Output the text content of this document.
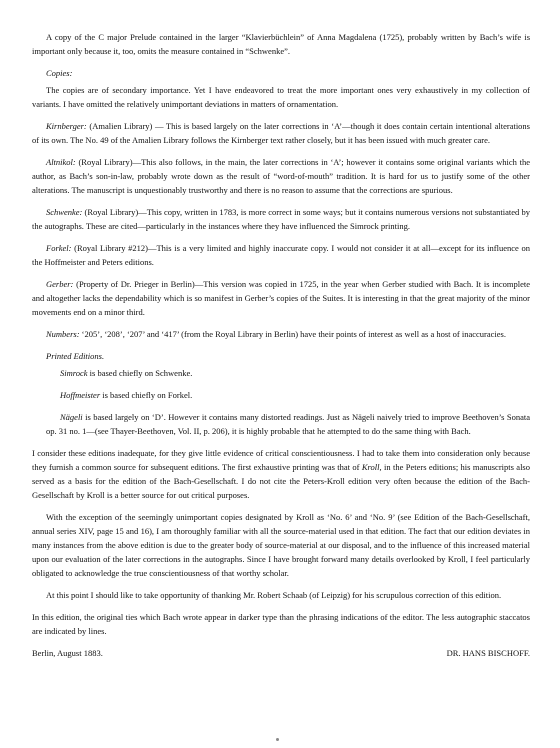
A copy of the C major Prelude contained in the larger “Klavierbüchlein” of Anna Magdalena (1725), probably written by Bach’s wife is important only because it, too, omits the measure contained in “Schwenke”.

Copies:

The copies are of secondary importance. Yet I have endeavored to treat the more important ones very exhaustively in my collection of variants. I have omitted the relatively unimportant deviations in matters of ornamentation.

Kirnberger: (Amalien Library) — This is based largely on the later corrections in ‘A’—though it does contain certain intentional alterations of its own. The No. 49 of the Amalien Library follows the Kirnberger text rather closely, but it has been issued with much greater care.

Altnikol: (Royal Library)—This also follows, in the main, the later corrections in ‘A’; however it contains some original variants which the author, as Bach’s son-in-law, probably wrote down as the result of “word-of-mouth” tradition. It is hard for us to justify some of the other alterations. The manuscript is unquestionably trustworthy and there is no reason to assume that the corrections are spurious.

Schwenke: (Royal Library)—This copy, written in 1783, is more correct in some ways; but it contains numerous versions not substantiated by the autographs. These are cited—particularly in the instances where they have influenced the Simrock printing.

Forkel: (Royal Library #212)—This is a very limited and highly inaccurate copy. I would not consider it at all—except for its influence on the Hoffmeister and Peters editions.

Gerber: (Property of Dr. Prieger in Berlin)—This version was copied in 1725, in the year when Gerber studied with Bach. It is incomplete and altogether lacks the dependability which is so manifest in Gerber’s copies of the Suites. It is interesting in that the great majority of the minor movements end on a minor third.

Numbers: ‘205’, ‘208’, ‘207’ and ‘417’ (from the Royal Library in Berlin) have their points of interest as well as a host of inaccuracies.

Printed Editions.

Simrock is based chiefly on Schwenke.

Hoffmeister is based chiefly on Forkel.

Nägeli is based largely on ‘D’. However it contains many distorted readings. Just as Nägeli naively tried to improve Beethoven’s Sonata op. 31 no. 1—(see Thayer-Beethoven, Vol. II, p. 206), it is highly probable that he attempted to do the same thing with Bach.

I consider these editions inadequate, for they give little evidence of critical conscientiousness. I had to take them into consideration only because they furnish a common source for subsequent editions. The first exhaustive printing was that of Kroll, in the Peters editions; his manuscripts also served as a basis for the edition of the Bach-Gesellschaft. I do not cite the Peters-Kroll edition very often because the edition of the Bach-Gesellschaft by Kroll is a better source for out critical purposes.

With the exception of the seemingly unimportant copies designated by Kroll as ‘No. 6’ and ‘No. 9’ (see Edition of the Bach-Gesellschaft, annual series XIV, page 15 and 16), I am thoroughly familiar with all the source-material used in that edition. The fact that our edition deviates in many instances from the above edition is due to the greater body of source-material at our disposal, and to the influence of this increased material upon our evaluation of the later corrections in the autographs. Since I have brought forward many details overlooked by Kroll, I feel particularly obligated to acknowledge the true conscientiousness of that worthy scholar.

At this point I should like to take opportunity of thanking Mr. Robert Schaab (of Leipzig) for his scrupulous correction of this edition.

In this edition, the original ties which Bach wrote appear in darker type than the phrasing indications of the editor. The less autographic staccatos are indicated by lines.

Berlin, August 1883.	DR. HANS BISCHOFF.
